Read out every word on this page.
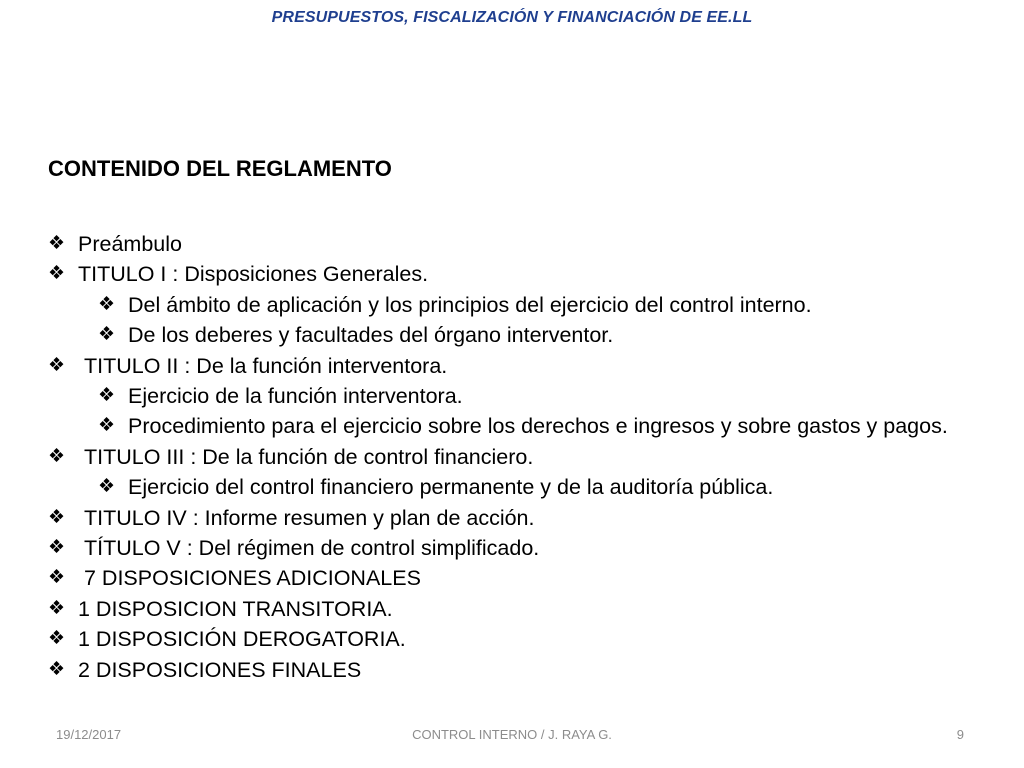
PRESUPUESTOS, FISCALIZACIÓN Y FINANCIACIÓN DE EE.LL
CONTENIDO DEL REGLAMENTO
❖ Preámbulo
❖ TITULO I : Disposiciones Generales.
❖ Del ámbito de aplicación y los principios del ejercicio del control interno.
❖ De los deberes y facultades del órgano interventor.
❖ TITULO II : De la función interventora.
❖ Ejercicio de la función interventora.
❖ Procedimiento para el ejercicio sobre los derechos e ingresos y sobre gastos y pagos.
❖ TITULO III : De la función de control financiero.
❖ Ejercicio del control financiero permanente y de la auditoría pública.
❖ TITULO IV : Informe resumen y plan de acción.
❖ TÍTULO V : Del régimen de control simplificado.
❖ 7 DISPOSICIONES ADICIONALES
❖ 1 DISPOSICION TRANSITORIA.
❖ 1 DISPOSICIÓN DEROGATORIA.
❖ 2 DISPOSICIONES FINALES
19/12/2017	CONTROL INTERNO / J. RAYA G.	9
